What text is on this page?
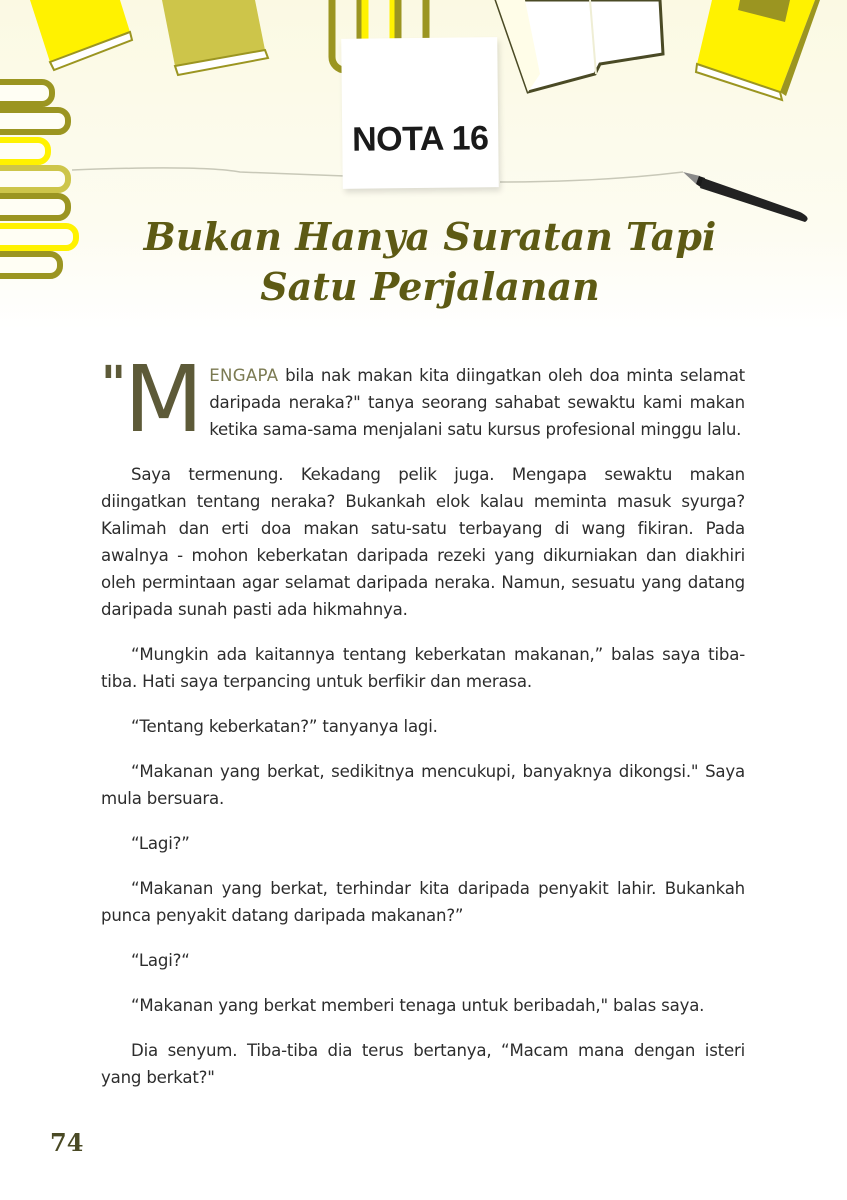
NOTA 16
Bukan Hanya Suratan Tapi
Satu Perjalanan

" M ENGAPA bila nak makan kita diingatkan oleh doa minta selamat daripada neraka?" tanya seorang sahabat sewaktu kami makan ketika sama-sama menjalani satu kursus profesional minggu lalu.

Saya termenung. Kekadang pelik juga. Mengapa sewaktu makan diingatkan tentang neraka? Bukankah elok kalau meminta masuk syurga? Kalimah dan erti doa makan satu-satu terbayang di wang fikiran. Pada awalnya - mohon keberkatan daripada rezeki yang dikurniakan dan diakhiri oleh permintaan agar selamat daripada neraka. Namun, sesuatu yang datang daripada sunah pasti ada hikmahnya.

“Mungkin ada kaitannya tentang keberkatan makanan,” balas saya tiba-tiba. Hati saya terpancing untuk berfikir dan merasa.

“Tentang keberkatan?” tanyanya lagi.

“Makanan yang berkat, sedikitnya mencukupi, banyaknya dikongsi." Saya mula bersuara.

“Lagi?”

“Makanan yang berkat, terhindar kita daripada penyakit lahir. Bukankah punca penyakit datang daripada makanan?”

“Lagi?“

“Makanan yang berkat memberi tenaga untuk beribadah," balas saya.

Dia senyum. Tiba-tiba dia terus bertanya, “Macam mana dengan isteri yang berkat?"

74
